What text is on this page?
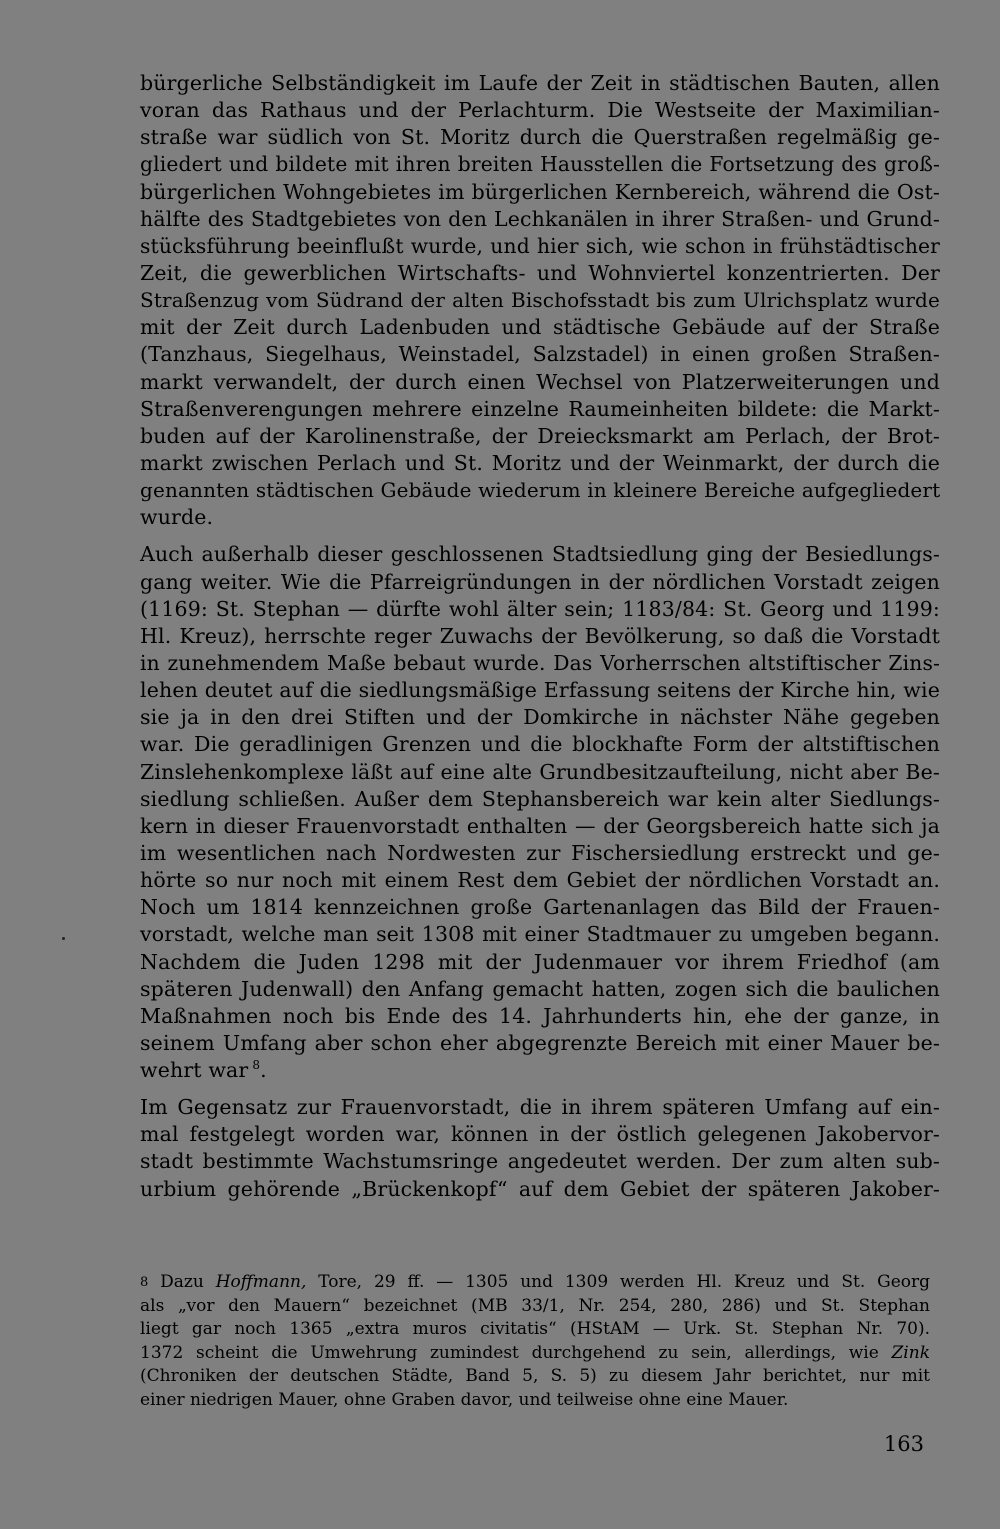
bürgerliche Selbständigkeit im Laufe der Zeit in städtischen Bauten, allen
voran das Rathaus und der Perlachturm. Die Westseite der Maximilian-
straße war südlich von St. Moritz durch die Querstraßen regelmäßig ge-
gliedert und bildete mit ihren breiten Hausstellen die Fortsetzung des groß-
bürgerlichen Wohngebietes im bürgerlichen Kernbereich, während die Ost-
hälfte des Stadtgebietes von den Lechkanälen in ihrer Straßen- und Grund-
stücksführung beeinflußt wurde, und hier sich, wie schon in frühstädtischer
Zeit, die gewerblichen Wirtschafts- und Wohnviertel konzentrierten. Der
Straßenzug vom Südrand der alten Bischofsstadt bis zum Ulrichsplatz wurde
mit der Zeit durch Ladenbuden und städtische Gebäude auf der Straße
(Tanzhaus, Siegelhaus, Weinstadel, Salzstadel) in einen großen Straßen-
markt verwandelt, der durch einen Wechsel von Platzerweiterungen und
Straßenverengungen mehrere einzelne Raumeinheiten bildete: die Markt-
buden auf der Karolinenstraße, der Dreiecksmarkt am Perlach, der Brot-
markt zwischen Perlach und St. Moritz und der Weinmarkt, der durch die
genannten städtischen Gebäude wiederum in kleinere Bereiche aufgegliedert
wurde.
Auch außerhalb dieser geschlossenen Stadtsiedlung ging der Besiedlungs-
gang weiter. Wie die Pfarreigründungen in der nördlichen Vorstadt zeigen
(1169: St. Stephan — dürfte wohl älter sein; 1183/84: St. Georg und 1199:
Hl. Kreuz), herrschte reger Zuwachs der Bevölkerung, so daß die Vorstadt
in zunehmendem Maße bebaut wurde. Das Vorherrschen altstiftischer Zins-
lehen deutet auf die siedlungsmäßige Erfassung seitens der Kirche hin, wie
sie ja in den drei Stiften und der Domkirche in nächster Nähe gegeben
war. Die geradlinigen Grenzen und die blockhafte Form der altstiftischen
Zinslehenkomplexe läßt auf eine alte Grundbesitzaufteilung, nicht aber Be-
siedlung schließen. Außer dem Stephansbereich war kein alter Siedlungs-
kern in dieser Frauenvorstadt enthalten — der Georgsbereich hatte sich ja
im wesentlichen nach Nordwesten zur Fischersiedlung erstreckt und ge-
hörte so nur noch mit einem Rest dem Gebiet der nördlichen Vorstadt an.
Noch um 1814 kennzeichnen große Gartenanlagen das Bild der Frauen-
vorstadt, welche man seit 1308 mit einer Stadtmauer zu umgeben begann.
Nachdem die Juden 1298 mit der Judenmauer vor ihrem Friedhof (am
späteren Judenwall) den Anfang gemacht hatten, zogen sich die baulichen
Maßnahmen noch bis Ende des 14. Jahrhunderts hin, ehe der ganze, in
seinem Umfang aber schon eher abgegrenzte Bereich mit einer Mauer be-
wehrt war $^8$.
Im Gegensatz zur Frauenvorstadt, die in ihrem späteren Umfang auf ein-
mal festgelegt worden war, können in der östlich gelegenen Jakobervor-
stadt bestimmte Wachstumsringe angedeutet werden. Der zum alten sub-
urbium gehörende „Brückenkopf“ auf dem Gebiet der späteren Jakober-
8 Dazu Hoffmann, Tore, 29 ff. — 1305 und 1309 werden Hl. Kreuz und St. Georg
als „vor den Mauern“ bezeichnet (MB 33/1, Nr. 254, 280, 286) und St. Stephan
liegt gar noch 1365 „extra muros civitatis“ (HStAM — Urk. St. Stephan Nr. 70).
1372 scheint die Umwehrung zumindest durchgehend zu sein, allerdings, wie Zink
(Chroniken der deutschen Städte, Band 5, S. 5) zu diesem Jahr berichtet, nur mit
einer niedrigen Mauer, ohne Graben davor, und teilweise ohne eine Mauer.
163
